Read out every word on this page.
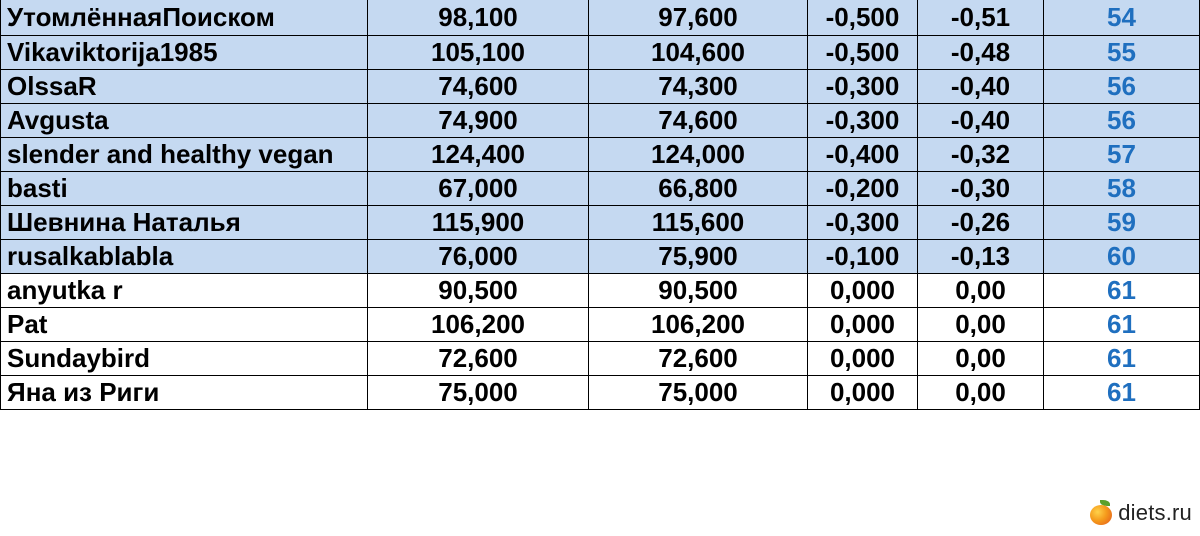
УтомлённаяПоиском	98,100	97,600	-0,500	-0,51	54
Vikaviktorija1985	105,100	104,600	-0,500	-0,48	55
OlssaR	74,600	74,300	-0,300	-0,40	56
Avgusta	74,900	74,600	-0,300	-0,40	56
slender and healthy vegan	124,400	124,000	-0,400	-0,32	57
basti	67,000	66,800	-0,200	-0,30	58
Шевнина Наталья	115,900	115,600	-0,300	-0,26	59
rusalkablabla	76,000	75,900	-0,100	-0,13	60
anyutka r	90,500	90,500	0,000	0,00	61
Pat	106,200	106,200	0,000	0,00	61
Sundaybird	72,600	72,600	0,000	0,00	61
Яна из Риги	75,000	75,000	0,000	0,00	61
diets.ru
